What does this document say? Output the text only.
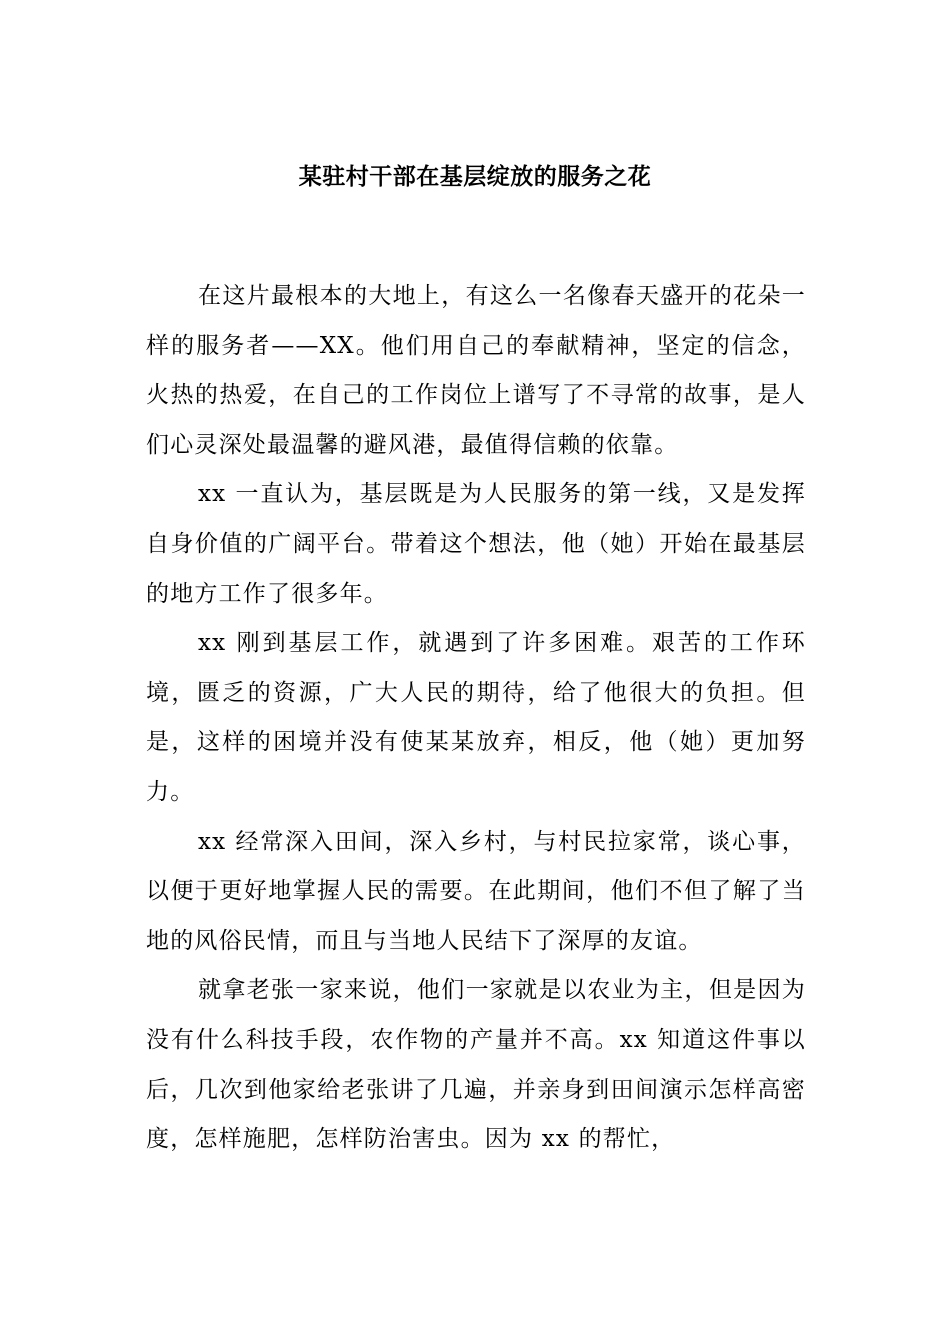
某驻村干部在基层绽放的服务之花

在这片最根本的大地上，有这么一名像春天盛开的花朵一样的服务者——XX。他们用自己的奉献精神，坚定的信念，火热的热爱，在自己的工作岗位上谱写了不寻常的故事，是人们心灵深处最温馨的避风港，最值得信赖的依靠。

xx 一直认为，基层既是为人民服务的第一线，又是发挥自身价值的广阔平台。带着这个想法，他（她）开始在最基层的地方工作了很多年。

xx 刚到基层工作，就遇到了许多困难。艰苦的工作环境，匮乏的资源，广大人民的期待，给了他很大的负担。但是，这样的困境并没有使某某放弃，相反，他（她）更加努力。

xx 经常深入田间，深入乡村，与村民拉家常，谈心事，以便于更好地掌握人民的需要。在此期间，他们不但了解了当地的风俗民情，而且与当地人民结下了深厚的友谊。

就拿老张一家来说，他们一家就是以农业为主，但是因为没有什么科技手段，农作物的产量并不高。xx 知道这件事以后，几次到他家给老张讲了几遍，并亲身到田间演示怎样高密度，怎样施肥，怎样防治害虫。因为 xx 的帮忙，
